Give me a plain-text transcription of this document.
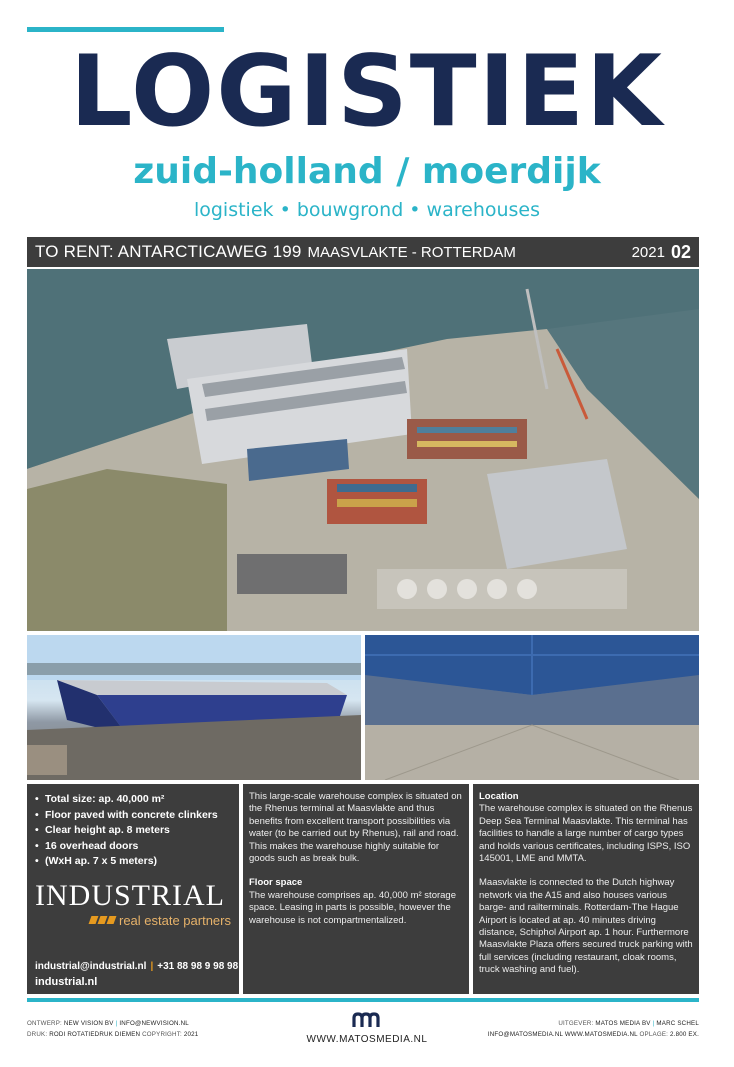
LOGISTIEK
zuid-holland / moerdijk
logistiek • bouwgrond • warehouses
TO RENT: ANTARCTICAWEG 199 MAASVLAKTE - ROTTERDAM	2021 02
• Total size: ap. 40,000 m²
• Floor paved with concrete clinkers
• Clear height ap. 8 meters
• 16 overhead doors
• (WxH ap. 7 x 5 meters)
INDUSTRIAL
real estate partners
industrial@industrial.nl | +31 88 98 9 98 98
industrial.nl

This large-scale warehouse complex is situated on the Rhenus terminal at Maasvlakte and thus benefits from excellent transport possibilities via water (to be carried out by Rhenus), rail and road. This makes the warehouse highly suitable for goods such as break bulk.

Floor space

The warehouse comprises ap. 40,000 m² storage space. Leasing in parts is possible, however the warehouse is not compartmentalized.

Location

The warehouse complex is situated on the Rhenus Deep Sea Terminal Maasvlakte. This terminal has facilities to handle a large number of cargo types and holds various certificates, including ISPS, ISO 145001, LME and MMTA.

Maasvlakte is connected to the Dutch highway network via the A15 and also houses various barge- and railterminals. Rotterdam-The Hague Airport is located at ap. 40 minutes driving distance, Schiphol Airport ap. 1 hour. Furthermore Maasvlakte Plaza offers secured truck parking with full services (including restaurant, cloak rooms, truck washing and fuel).

ONTWERP: NEW VISION BV | INFO@NEWVISION.NL
DRUK: RODI ROTATIEDRUK DIEMEN COPYRIGHT: 2021	WWW.MATOSMEDIA.NL
UITGEVER: MATOS MEDIA BV | MARC SCHEL
INFO@MATOSMEDIA.NL WWW.MATOSMEDIA.NL OPLAGE: 2.800 EX.
